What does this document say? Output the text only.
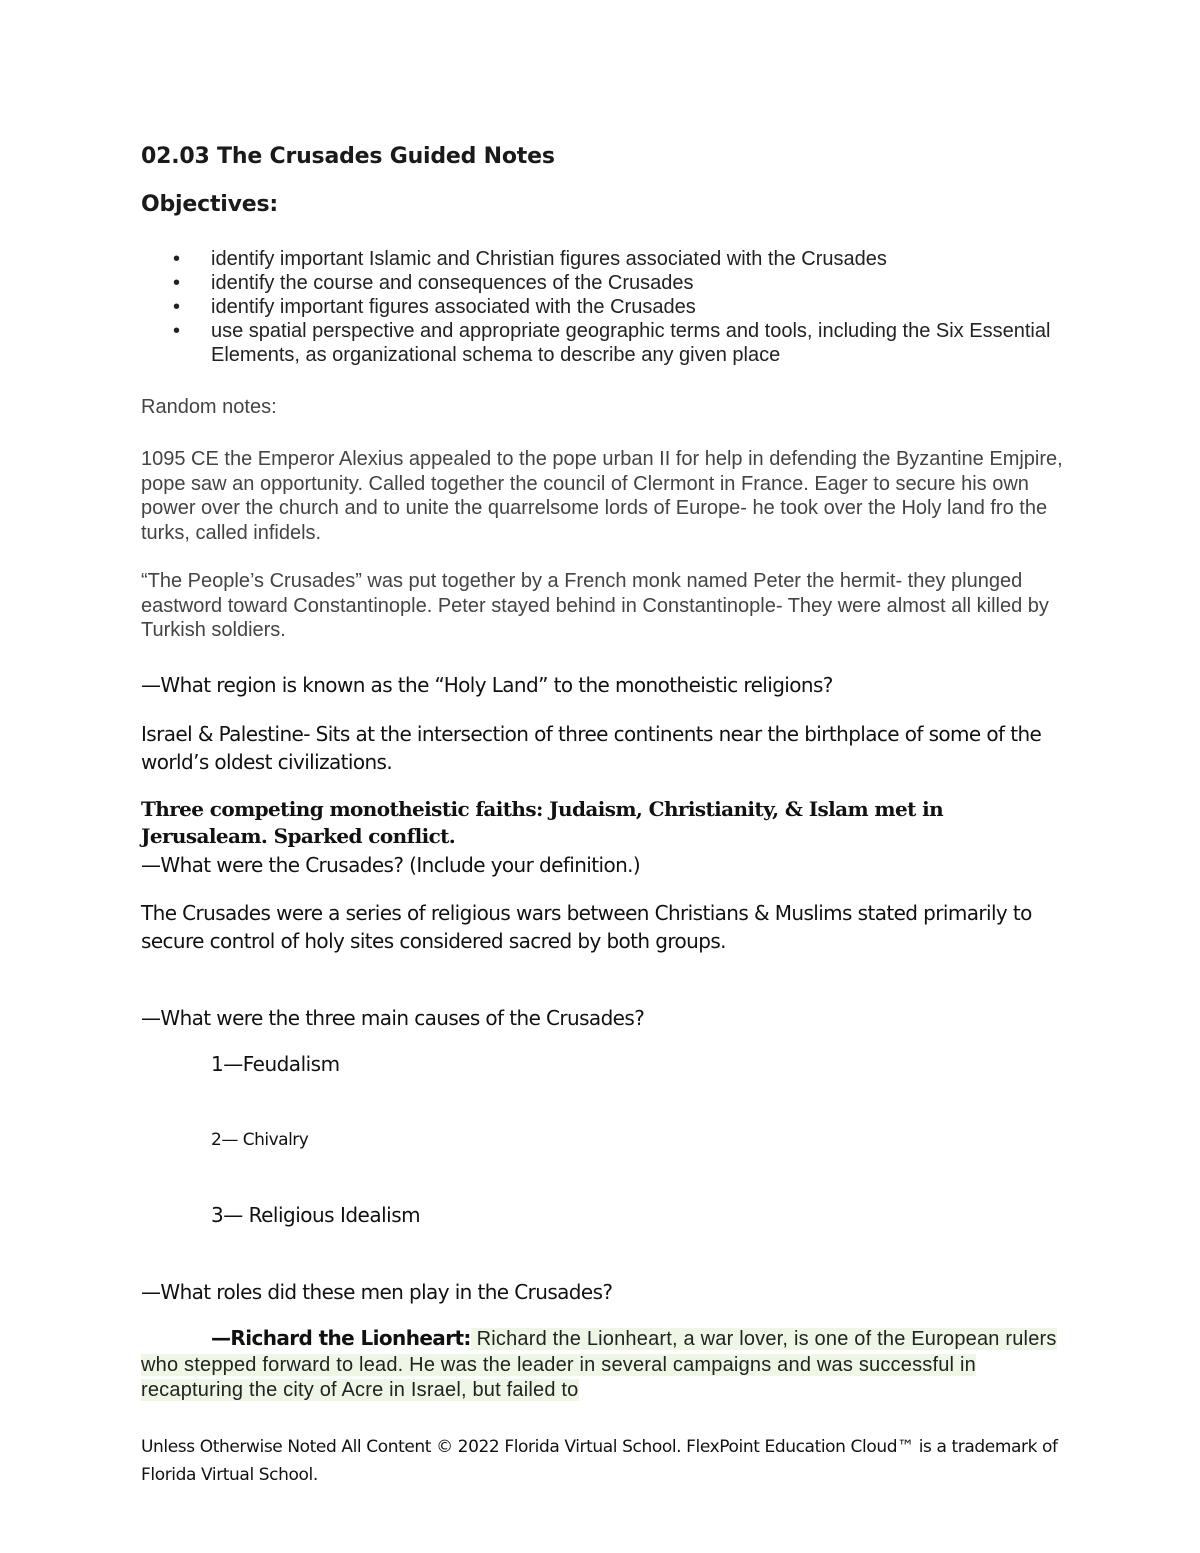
02.03 The Crusades Guided Notes
Objectives:
• identify important Islamic and Christian figures associated with the Crusades
• identify the course and consequences of the Crusades
• identify important figures associated with the Crusades
• use spatial perspective and appropriate geographic terms and tools, including the Six Essential Elements, as organizational schema to describe any given place

Random notes:

1095 CE the Emperor Alexius appealed to the pope urban II for help in defending the Byzantine Emjpire, pope saw an opportunity. Called together the council of Clermont in France. Eager to secure his own power over the church and to unite the quarrelsome lords of Europe- he took over the Holy land fro the turks, called infidels.

“The People’s Crusades” was put together by a French monk named Peter the hermit- they plunged eastword toward Constantinople. Peter stayed behind in Constantinople- They were almost all killed by Turkish soldiers.

—What region is known as the “Holy Land” to the monotheistic religions?

Israel & Palestine- Sits at the intersection of three continents near the birthplace of some of the world’s oldest civilizations.

Three competing monotheistic faiths: Judaism, Christianity, & Islam met in Jerusaleam. Sparked conflict.

—What were the Crusades? (Include your definition.)

The Crusades were a series of religious wars between Christians & Muslims stated primarily to secure control of holy sites considered sacred by both groups.

—What were the three main causes of the Crusades?

1—Feudalism

2— Chivalry

3— Religious Idealism

—What roles did these men play in the Crusades?

—Richard the Lionheart: Richard the Lionheart, a war lover, is one of the European rulers who stepped forward to lead. He was the leader in several campaigns and was successful in recapturing the city of Acre in Israel, but failed to

Unless Otherwise Noted All Content © 2022 Florida Virtual School. FlexPoint Education Cloud™ is a trademark of Florida Virtual School.
